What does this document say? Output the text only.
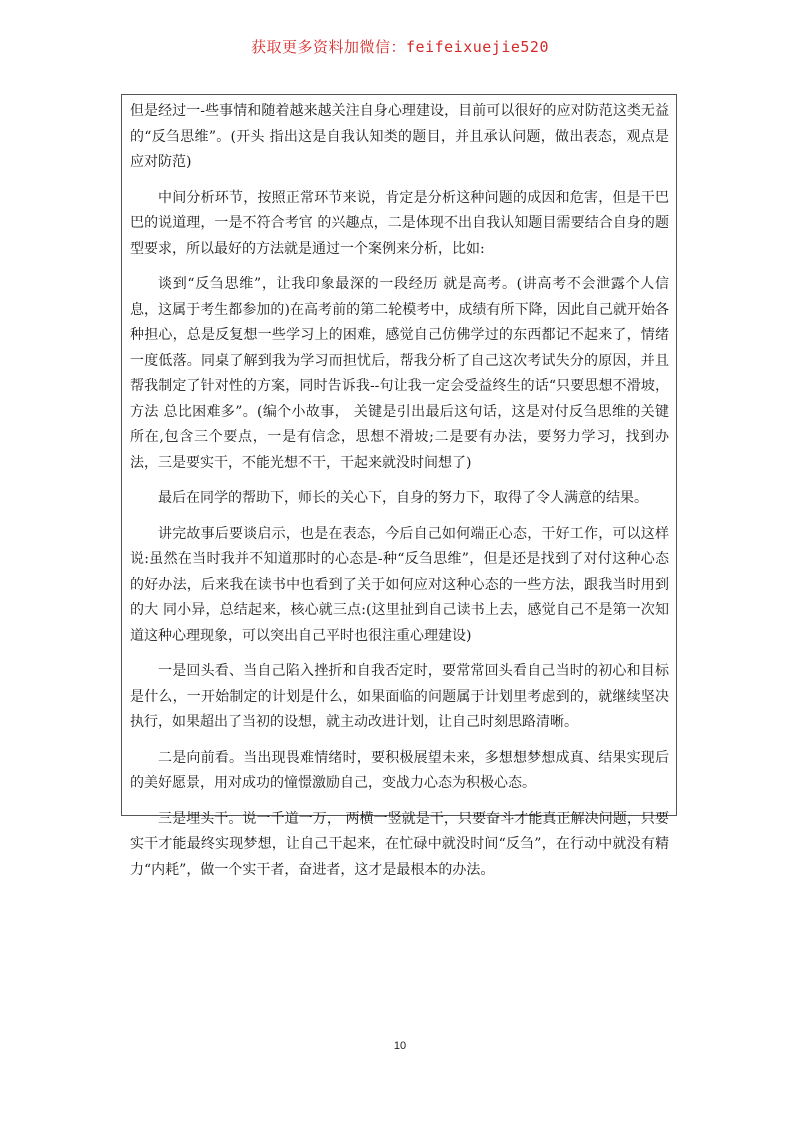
获取更多资料加微信：feifeixuejie520

但是经过一-些事情和随着越来越关注自身心理建设，目前可以很好的应对防范这类无益 的“反刍思维”。(开头 指出这是自我认知类的题目，并且承认问题，做出表态，观点是应对防范)

中间分析环节，按照正常环节来说，肯定是分析这种问题的成因和危害，但是干巴巴的说道理，一是不符合考官 的兴趣点，二是体现不出自我认知题目需要结合自身的题型要求，所以最好的方法就是通过一个案例来分析，比如:

谈到“反刍思维”，让我印象最深的一段经历 就是高考。(讲高考不会泄露个人信息，这属于考生都参加的)在高考前的第二轮模考中，成绩有所下降，因此自己就开始各种担心，总是反复想一些学习上的困难，感觉自己仿佛学过的东西都记不起来了，情绪一度低落。同桌了解到我为学习而担忧后，帮我分析了自己这次考试失分的原因，并且帮我制定了针对性的方案，同时告诉我--句让我一定会受益终生的话“只要思想不滑坡，方法 总比困难多”。(编个小故事， 关键是引出最后这句话，这是对付反刍思维的关键所在,包含三个要点，一是有信念，思想不滑坡;二是要有办法，要努力学习，找到办法，三是要实干，不能光想不干，干起来就没时间想了)

最后在同学的帮助下，师长的关心下，自身的努力下，取得了令人满意的结果。

讲完故事后要谈启示，也是在表态，今后自己如何端正心态，干好工作，可以这样说:虽然在当时我并不知道那时的心态是-种“反刍思维”，但是还是找到了对付这种心态的好办法，后来我在读书中也看到了关于如何应对这种心态的一些方法，跟我当时用到的大 同小异，总结起来，核心就三点:(这里扯到自己读书上去，感觉自己不是第一次知道这种心理现象，可以突出自己平时也很注重心理建设)

一是回头看、当自己陷入挫折和自我否定时，要常常回头看自己当时的初心和目标是什么，一开始制定的计划是什么，如果面临的问题属于计划里考虑到的，就继续坚决执行，如果超出了当初的设想，就主动改进计划，让自己时刻思路清晰。

二是向前看。当出现畏难情绪时，要积极展望未来，多想想梦想成真、结果实现后的美好愿景，用对成功的憧憬激励自己，变战力心态为积极心态。

三是埋头干。说一千道一万， 两横一竖就是干，只要奋斗才能真正解决问题，只要实干才能最终实现梦想，让自己干起来，在忙碌中就没时间“反刍”，在行动中就没有精力“内耗”，做一个实干者，奋进者，这才是最根本的办法。

10
